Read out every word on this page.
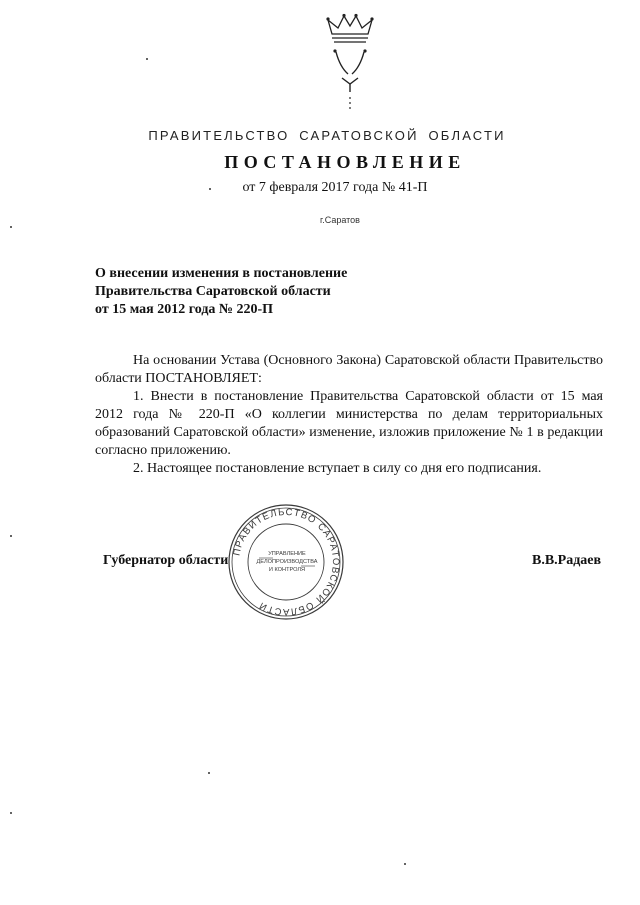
ПРАВИТЕЛЬСТВО САРАТОВСКОЙ ОБЛАСТИ
ПОСТАНОВЛЕНИЕ
от 7 февраля 2017 года № 41-П
г.Саратов
О внесении изменения в постановление
Правительства Саратовской области
от 15 мая 2012 года № 220-П

На основании Устава (Основного Закона) Саратовской области Правительство области ПОСТАНОВЛЯЕТ:

1. Внести в постановление Правительства Саратовской области от 15 мая 2012 года № 220-П «О коллегии министерства по делам территориальных образований Саратовской области» изменение, изложив приложение № 1 в редакции согласно приложению.

2. Настоящее постановление вступает в силу со дня его подписания.

Губернатор области
ПРАВИТЕЛЬСТВО САРАТОВСКОЙ ОБЛАСТИ
УПРАВЛЕНИЕ
ДЕЛОПРОИЗВОДСТВА
И КОНТРОЛЯ
В.В.Радаев
